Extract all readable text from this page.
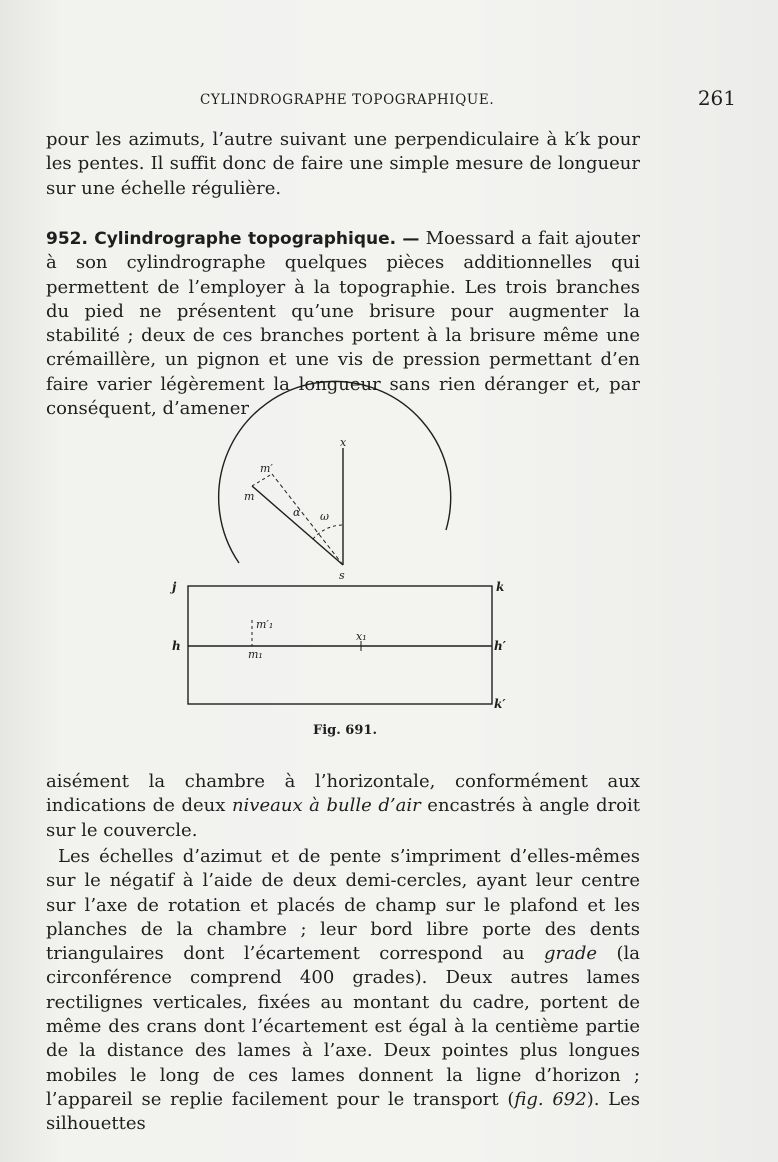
CYLINDROGRAPHE TOPOGRAPHIQUE.	261

pour les azimuts, l’autre suivant une perpendiculaire à k′k pour les pentes. Il suffit donc de faire une simple mesure de longueur sur une échelle régulière.

952. Cylindrographe topographique. — Moessard a fait ajouter à son cylindrographe quelques pièces additionnelles qui permettent de l’employer à la topographie. Les trois branches du pied ne présentent qu’une brisure pour augmenter la stabilité ; deux de ces branches portent à la brisure même une crémaillère, un pignon et une vis de pression permettant d’en faire varier légèrement la longueur sans rien déranger et, par conséquent, d’amener

x
m′
m
α ω
s
j	k
h	h′
k′
m′₁
m₁
x₁
Fig. 691.

aisément la chambre à l’horizontale, conformément aux indications de deux niveaux à bulle d’air encastrés à angle droit sur le couvercle.

Les échelles d’azimut et de pente s’impriment d’elles-mêmes sur le négatif à l’aide de deux demi-cercles, ayant leur centre sur l’axe de rotation et placés de champ sur le plafond et les planches de la chambre ; leur bord libre porte des dents triangulaires dont l’écartement correspond au grade (la circonférence comprend 400 grades). Deux autres lames rectilignes verticales, fixées au montant du cadre, portent de même des crans dont l’écartement est égal à la centième partie de la distance des lames à l’axe. Deux pointes plus longues mobiles le long de ces lames donnent la ligne d’horizon ; l’appareil se replie facilement pour le transport (fig. 692). Les silhouettes
